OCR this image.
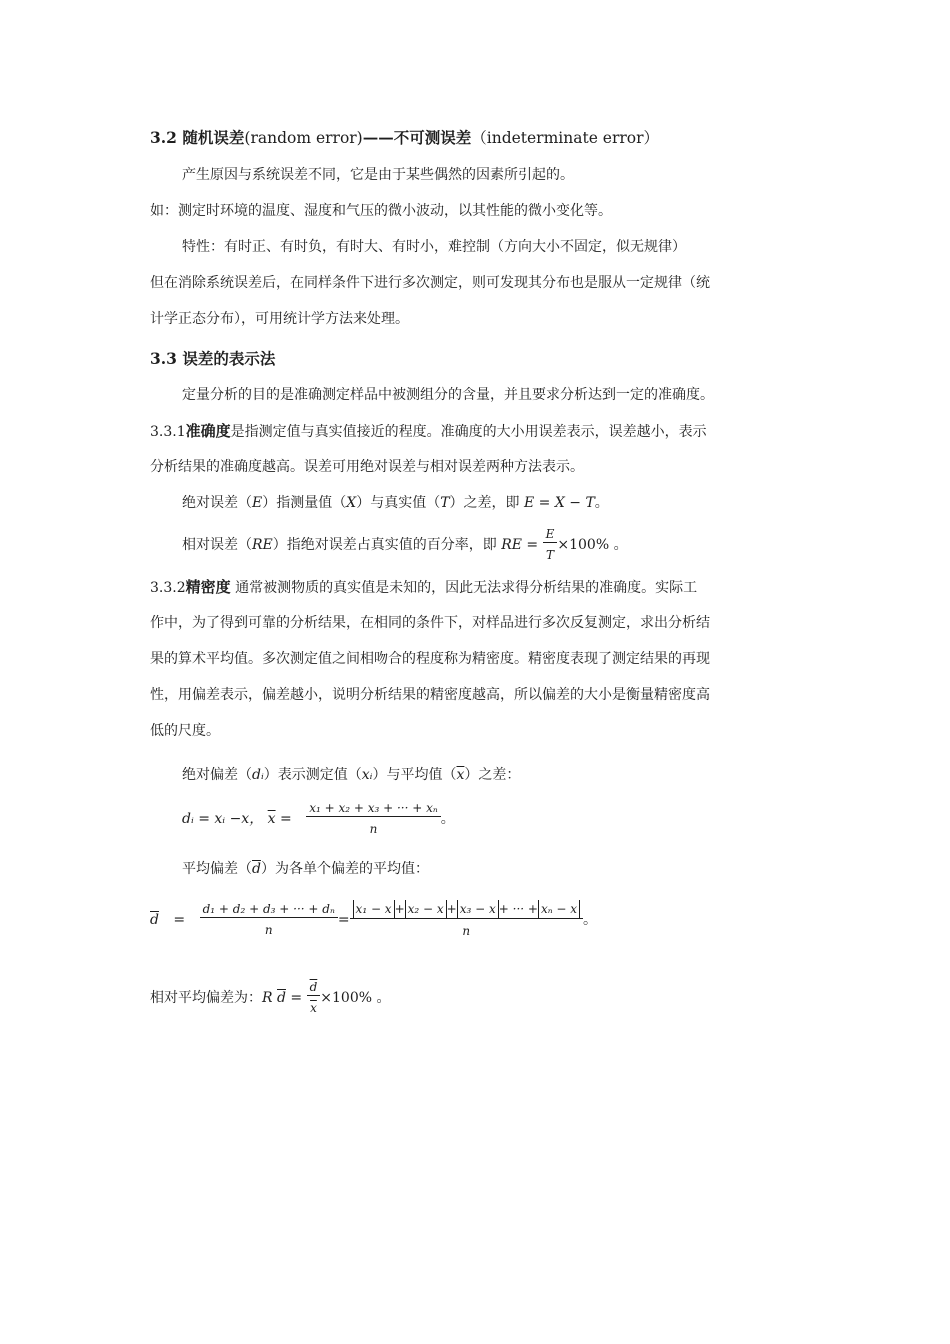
3.2 随机误差(random error)——不可测误差（indeterminate error）
产生原因与系统误差不同，它是由于某些偶然的因素所引起的。
如：测定时环境的温度、湿度和气压的微小波动，以其性能的微小变化等。
特性：有时正、有时负，有时大、有时小，难控制（方向大小不固定，似无规律）
但在消除系统误差后，在同样条件下进行多次测定，则可发现其分布也是服从一定规律（统
计学正态分布），可用统计学方法来处理。
3.3 误差的表示法
定量分析的目的是准确测定样品中被测组分的含量，并且要求分析达到一定的准确度。
3.3.1准确度是指测定值与真实值接近的程度。准确度的大小用误差表示，误差越小，表示
分析结果的准确度越高。误差可用绝对误差与相对误差两种方法表示。
绝对误差（E）指测量值（X）与真实值（T）之差，即 E = X − T。
相对误差（RE）指绝对误差占真实值的百分率，即 RE = $\frac{E}{T} \times 100\%$ 。
3.3.2精密度 通常被测物质的真实值是未知的，因此无法求得分析结果的准确度。实际工
作中，为了得到可靠的分析结果，在相同的条件下，对样品进行多次反复测定，求出分析结
果的算术平均值。多次测定值之间相吻合的程度称为精密度。精密度表现了测定结果的再现
性，用偏差表示，偏差越小，说明分析结果的精密度越高，所以偏差的大小是衡量精密度高
低的尺度。
绝对偏差（dᵢ）表示测定值（xᵢ）与平均值$(\overline{x})$之差：
dᵢ = xᵢ −x， $\overline{x} = \frac{\text{x₁ + x₂ + x₃ + ··· + xₙ}}{n}$ 。
平均偏差$(\overline{d})$为各单个偏差的平均值：
$\overline{d} = \frac{\text{d₁ + d₂ + d₃ + ··· + dₙ}}{n} = \frac{\text{x₁ − x + x₂ − x + x₃ − x + ··· + xₙ − x}}{n}$ 。
相对平均偏差为：R $\overline{d} = \frac{\overline{d}}{x} \times 100\%$ 。
